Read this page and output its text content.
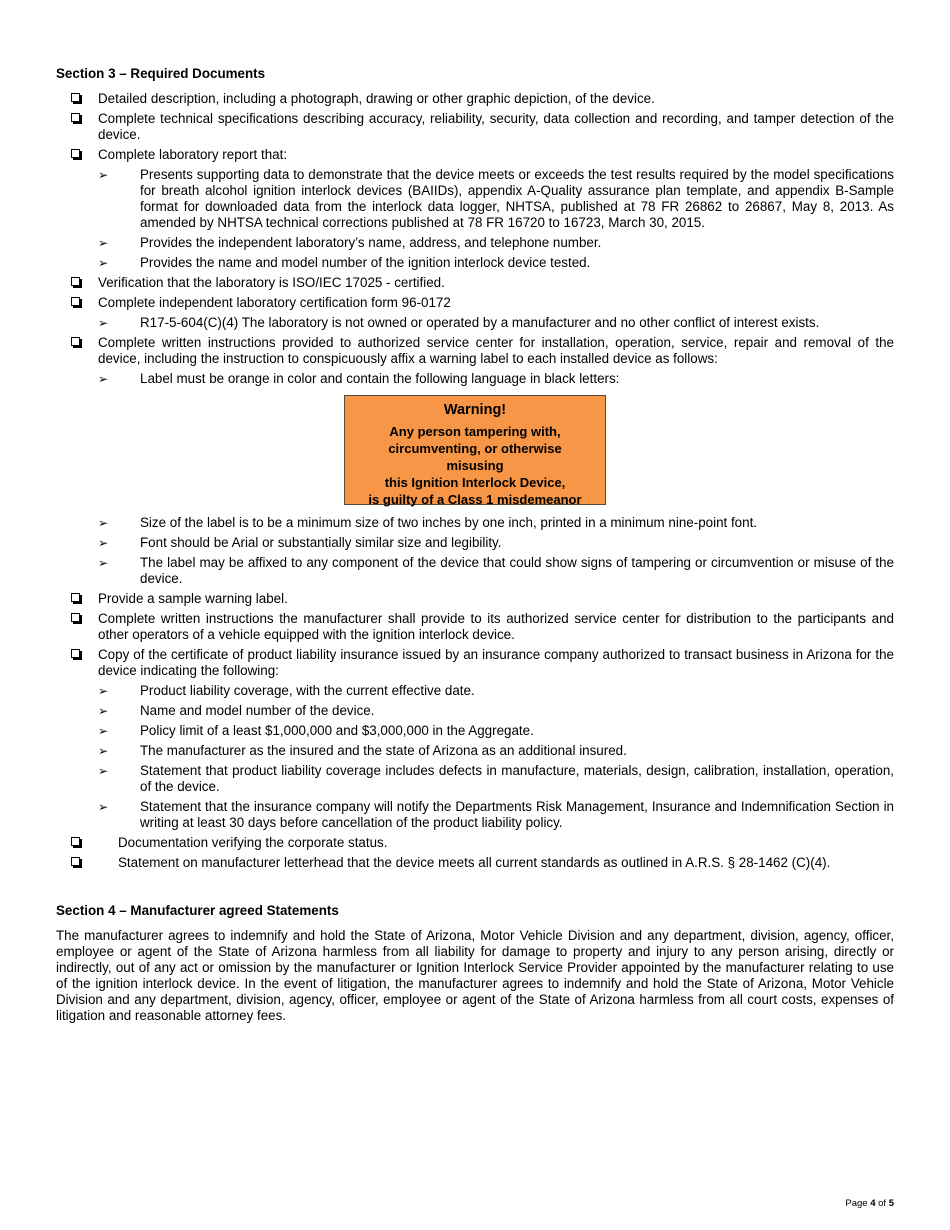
Section 3 – Required Documents
Detailed description, including a photograph, drawing or other graphic depiction, of the device.
Complete technical specifications describing accuracy, reliability, security, data collection and recording, and tamper detection of the device.
Complete laboratory report that:
➢ Presents supporting data to demonstrate that the device meets or exceeds the test results required by the model specifications for breath alcohol ignition interlock devices (BAIIDs), appendix A-Quality assurance plan template, and appendix B-Sample format for downloaded data from the interlock data logger, NHTSA, published at 78 FR 26862 to 26867, May 8, 2013. As amended by NHTSA technical corrections published at 78 FR 16720 to 16723, March 30, 2015.
➢ Provides the independent laboratory’s name, address, and telephone number.
➢ Provides the name and model number of the ignition interlock device tested.
Verification that the laboratory is ISO/IEC 17025 - certified.
Complete independent laboratory certification form 96-0172
➢ R17-5-604(C)(4) The laboratory is not owned or operated by a manufacturer and no other conflict of interest exists.
Complete written instructions provided to authorized service center for installation, operation, service, repair and removal of the device, including the instruction to conspicuously affix a warning label to each installed device as follows:
➢ Label must be orange in color and contain the following language in black letters:
Warning!
Any person tampering with,
circumventing, or otherwise
misusing
this Ignition Interlock Device,
is guilty of a Class 1 misdemeanor
➢ Size of the label is to be a minimum size of two inches by one inch, printed in a minimum nine-point font.
➢ Font should be Arial or substantially similar size and legibility.
➢ The label may be affixed to any component of the device that could show signs of tampering or circumvention or misuse of the device.
Provide a sample warning label.
Complete written instructions the manufacturer shall provide to its authorized service center for distribution to the participants and other operators of a vehicle equipped with the ignition interlock device.
Copy of the certificate of product liability insurance issued by an insurance company authorized to transact business in Arizona for the device indicating the following:
➢ Product liability coverage, with the current effective date.
➢ Name and model number of the device.
➢ Policy limit of a least $1,000,000 and $3,000,000 in the Aggregate.
➢ The manufacturer as the insured and the state of Arizona as an additional insured.
➢ Statement that product liability coverage includes defects in manufacture, materials, design, calibration, installation, operation, of the device.
➢ Statement that the insurance company will notify the Departments Risk Management, Insurance and Indemnification Section in writing at least 30 days before cancellation of the product liability policy.
Documentation verifying the corporate status.
Statement on manufacturer letterhead that the device meets all current standards as outlined in A.R.S. § 28-1462 (C)(4).
Section 4 – Manufacturer agreed Statements

The manufacturer agrees to indemnify and hold the State of Arizona, Motor Vehicle Division and any department, division, agency, officer, employee or agent of the State of Arizona harmless from all liability for damage to property and injury to any person arising, directly or indirectly, out of any act or omission by the manufacturer or Ignition Interlock Service Provider appointed by the manufacturer relating to use of the ignition interlock device. In the event of litigation, the manufacturer agrees to indemnify and hold the State of Arizona, Motor Vehicle Division and any department, division, agency, officer, employee or agent of the State of Arizona harmless from all court costs, expenses of litigation and reasonable attorney fees.

Page 4 of 5
